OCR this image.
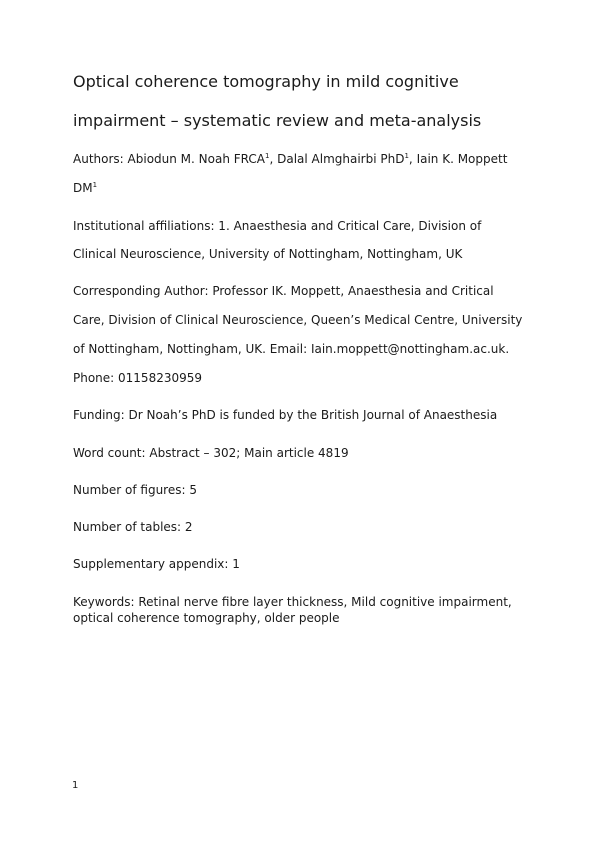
Optical coherence tomography in mild cognitive
impairment – systematic review and meta-analysis
Authors: Abiodun M. Noah FRCA$^1$, Dalal Almghairbi PhD$^1$, Iain K. Moppett
$DM^1$
Institutional affiliations: 1. Anaesthesia and Critical Care, Division of
Clinical Neuroscience, University of Nottingham, Nottingham, UK
Corresponding Author: Professor IK. Moppett, Anaesthesia and Critical
Care, Division of Clinical Neuroscience, Queen’s Medical Centre, University
of Nottingham, Nottingham, UK. Email: Iain.moppett@nottingham.ac.uk.
Phone: 01158230959
Funding: Dr Noah’s PhD is funded by the British Journal of Anaesthesia
Word count: Abstract – 302; Main article 4819
Number of figures: 5
Number of tables: 2
Supplementary appendix: 1
Keywords: Retinal nerve fibre layer thickness, Mild cognitive impairment,
optical coherence tomography, older people
1
